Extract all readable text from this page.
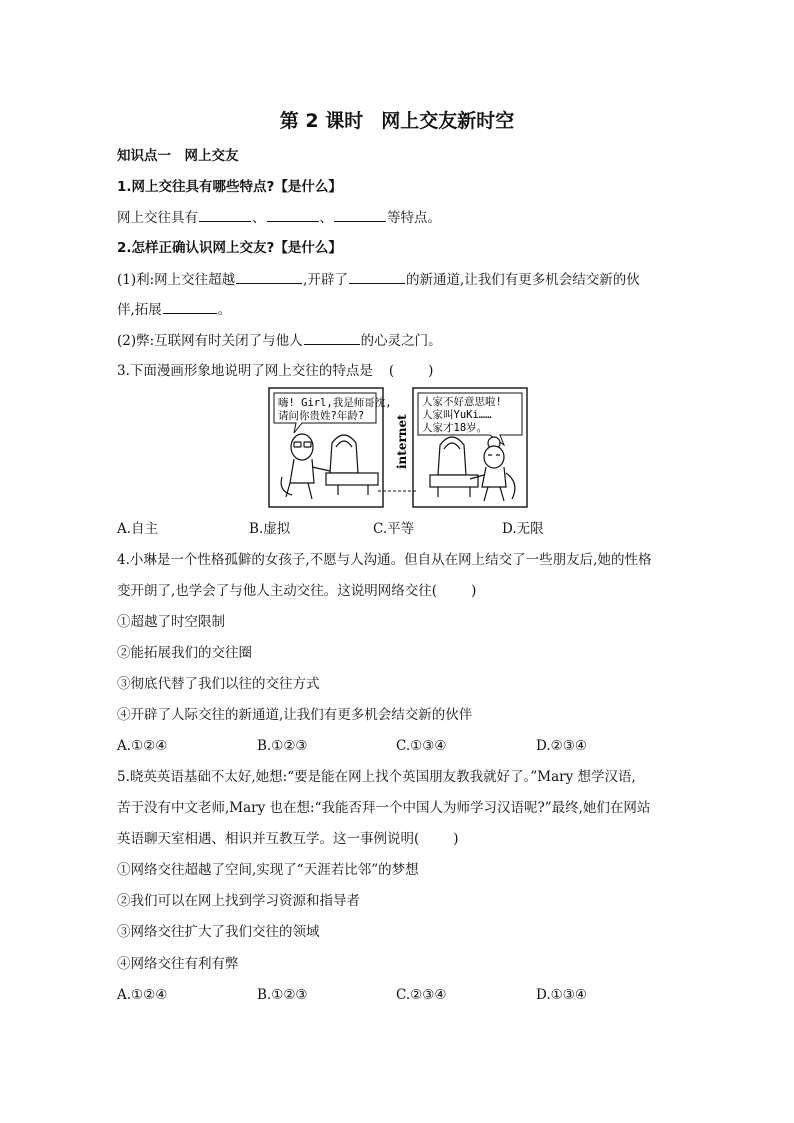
第 2 课时 网上交友新时空
知识点一　网上交友
1.网上交往具有哪些特点?【是什么】
网上交往具有	、	、	等特点。
2.怎样正确认识网上交友?【是什么】
(1)利:网上交往超越	,开辟了	的新通道,让我们有更多机会结交新的伙
伴,拓展	。
(2)弊:互联网有时关闭了与他人	的心灵之门。
3.下面漫画形象地说明了网上交往的特点是 (	)
嗨! Girl,我是师哥沈,
请问你贵姓?年龄?
人家不好意思啦!
人家叫YuKi……
人家才18岁。
internet
A.自主	B.虚拟	C.平等	D.无限
4.小琳是一个性格孤僻的女孩子,不愿与人沟通。但自从在网上结交了一些朋友后,她的性格
变开朗了,也学会了与他人主动交往。这说明网络交往(	)
①超越了时空限制
②能拓展我们的交往圈
③彻底代替了我们以往的交往方式
④开辟了人际交往的新通道,让我们有更多机会结交新的伙伴
A.①②④	B.①②③	C.①③④	D.②③④
5.晓英英语基础不太好,她想:“要是能在网上找个英国朋友教我就好了。”Mary 想学汉语,
苦于没有中文老师,Mary 也在想:“我能否拜一个中国人为师学习汉语呢?”最终,她们在网站
英语聊天室相遇、相识并互教互学。这一事例说明(	)
①网络交往超越了空间,实现了“天涯若比邻”的梦想
②我们可以在网上找到学习资源和指导者
③网络交往扩大了我们交往的领域
④网络交往有利有弊
A.①②④	B.①②③	C.②③④	D.①③④
